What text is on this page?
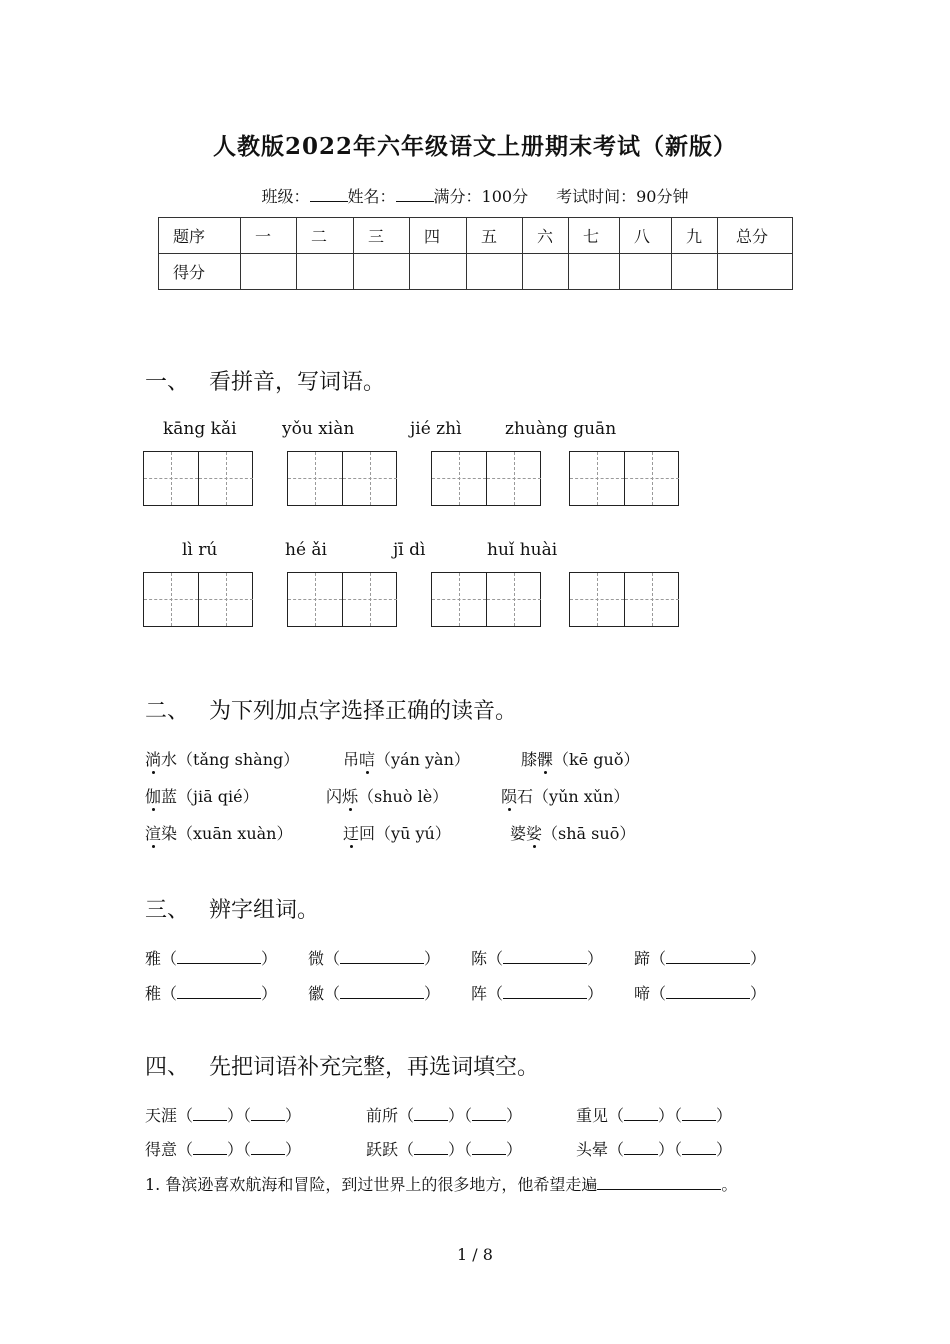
人教版2022年六年级语文上册期末考试（新版）
班级： 姓名： 满分：100分 考试时间：90分钟
题序	一	二	三	四	五	六	七	八	九	总分
得分										
一、 看拼音，写词语。
kāng kǎi	yǒu xiàn	jié zhì	zhuàng guān
lì rú	hé ǎi	jī dì	huǐ huài
二、 为下列加点字选择正确的读音。
淌水（tǎng shàng）	吊唁（yán yàn）	膝髁（kē guǒ）
伽蓝（jiā qié）	闪烁（shuò lè）	陨石（yǔn xǔn）
渲染（xuān xuàn）	迂回（yū yú）	婆娑（shā suō）
三、 辨字组词。
雅（	） 微（	） 陈（	） 蹄（	）
稚（	） 徽（	） 阵（	） 啼（	）
四、 先把词语补充完整，再选词填空。
天涯（ ）（ ）	前所（ ）（ ）	重见（ ）（ ）
得意（ ）（ ）	跃跃（ ）（ ）	头晕（ ）（ ）
1. 鲁滨逊喜欢航海和冒险，到过世界上的很多地方，他希望走遍	。
1 / 8
